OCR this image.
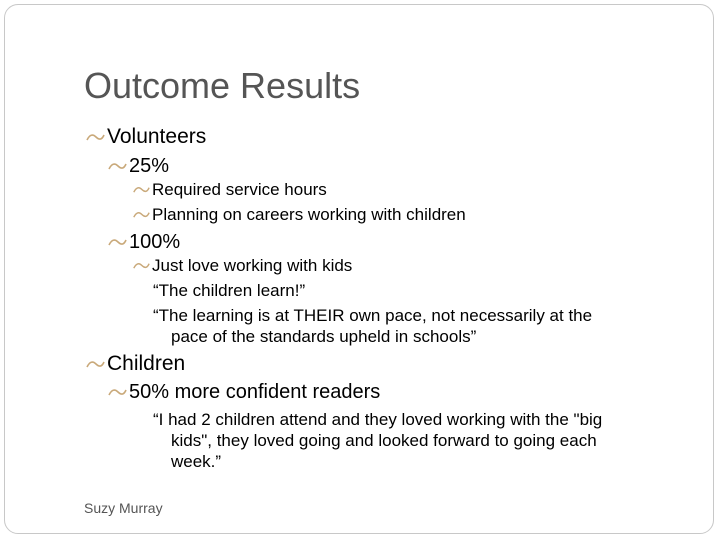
Outcome Results
Volunteers
25%
Required service hours
Planning on careers working with children
100%
Just love working with kids
“The children learn!”
“The learning is at THEIR own pace, not necessarily at the
pace of the standards upheld in schools”
Children
50% more confident readers
“I had 2 children attend and they loved working with the "big
kids", they loved going and looked forward to going each
week.”
Suzy Murray
